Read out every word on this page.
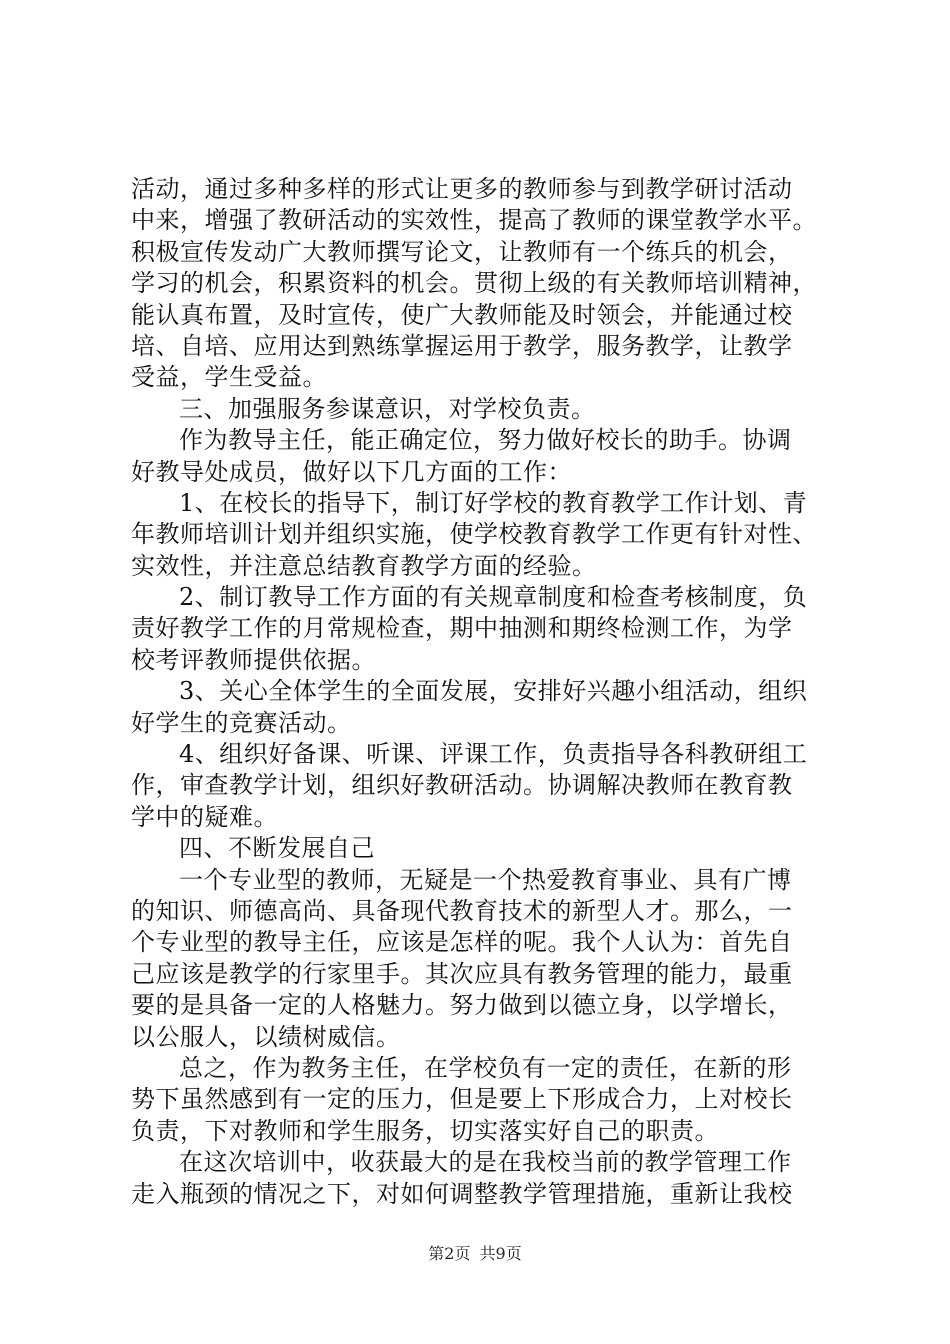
活动，通过多种多样的形式让更多的教师参与到教学研讨活动
中来，增强了教研活动的实效性，提高了教师的课堂教学水平。
积极宣传发动广大教师撰写论文，让教师有一个练兵的机会，
学习的机会，积累资料的机会。贯彻上级的有关教师培训精神，
能认真布置，及时宣传，使广大教师能及时领会，并能通过校
培、自培、应用达到熟练掌握运用于教学，服务教学，让教学
受益，学生受益。
三、加强服务参谋意识，对学校负责。
作为教导主任，能正确定位，努力做好校长的助手。协调
好教导处成员，做好以下几方面的工作：
1、在校长的指导下，制订好学校的教育教学工作计划、青
年教师培训计划并组织实施，使学校教育教学工作更有针对性、
实效性，并注意总结教育教学方面的经验。
2、制订教导工作方面的有关规章制度和检查考核制度，负
责好教学工作的月常规检查，期中抽测和期终检测工作，为学
校考评教师提供依据。
3、关心全体学生的全面发展，安排好兴趣小组活动，组织
好学生的竞赛活动。
4、组织好备课、听课、评课工作，负责指导各科教研组工
作，审查教学计划，组织好教研活动。协调解决教师在教育教
学中的疑难。
四、不断发展自己
一个专业型的教师，无疑是一个热爱教育事业、具有广博
的知识、师德高尚、具备现代教育技术的新型人才。那么，一
个专业型的教导主任，应该是怎样的呢。我个人认为：首先自
己应该是教学的行家里手。其次应具有教务管理的能力，最重
要的是具备一定的人格魅力。努力做到以德立身，以学增长，
以公服人，以绩树威信。
总之，作为教务主任，在学校负有一定的责任，在新的形
势下虽然感到有一定的压力，但是要上下形成合力，上对校长
负责，下对教师和学生服务，切实落实好自己的职责。
在这次培训中，收获最大的是在我校当前的教学管理工作
走入瓶颈的情况之下，对如何调整教学管理措施，重新让我校
第2页 共9页
